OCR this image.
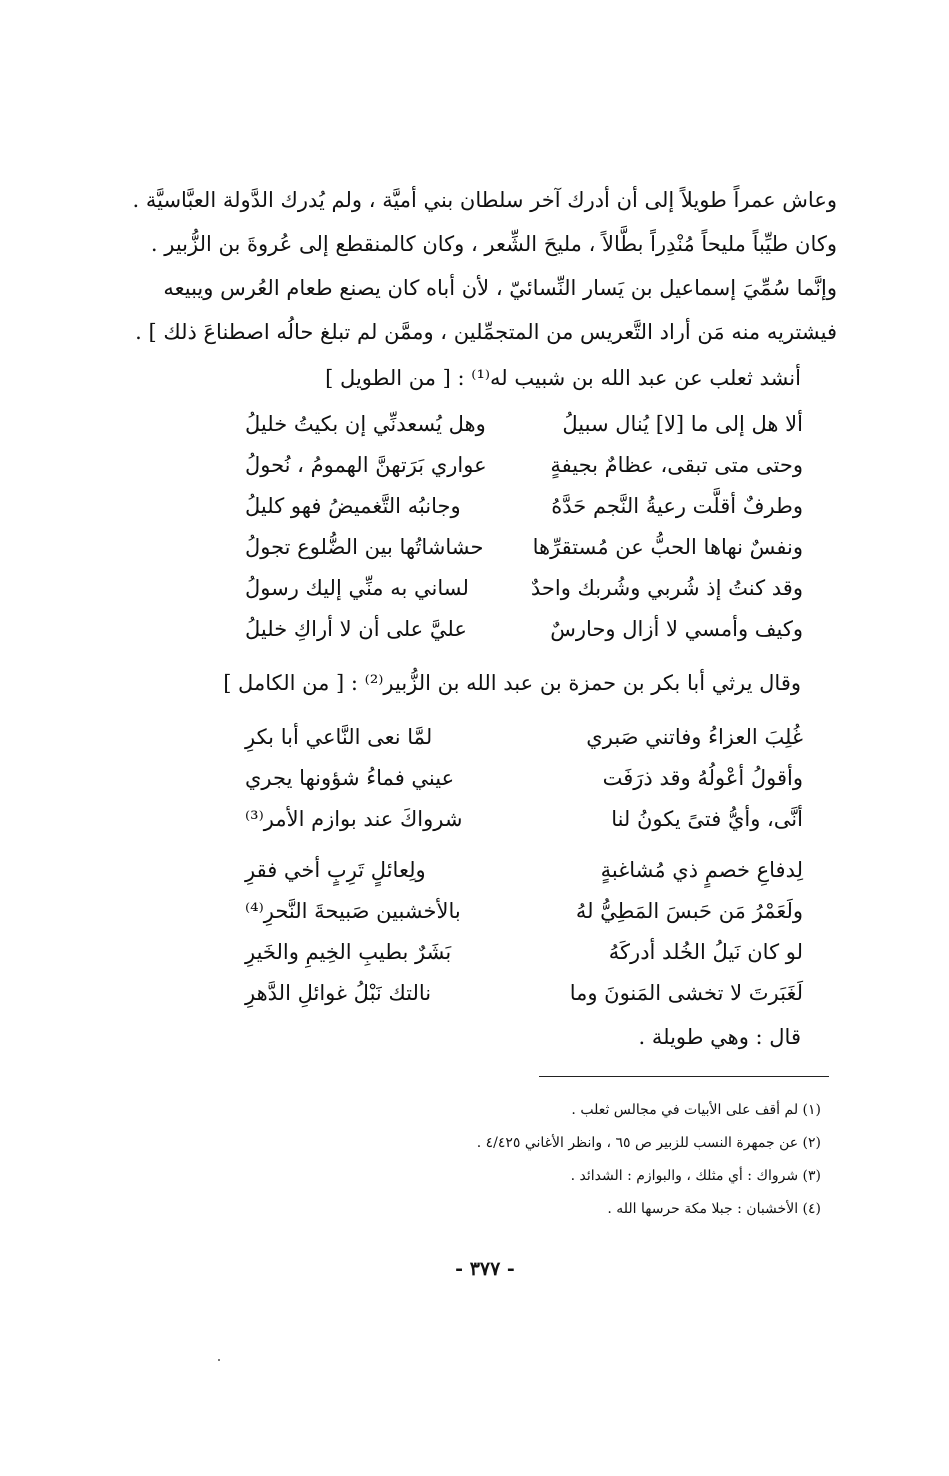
وعاش عمراً طويلاً إلى أن أدرك آخر سلطان بني أميَّة ، ولم يُدرك الدَّولة العبَّاسيَّة .
وكان طيِّباً مليحاً مُنْدِراً بطَّالاً ، مليحَ الشِّعر ، وكان كالمنقطع إلى عُروةَ بن الزُّبير .
وإنَّما سُمِّيَ إسماعيل بن يَسار النِّسائيّ ، لأن أباه كان يصنع طعام العُرس ويبيعه
فيشتريه منه مَن أراد التَّعريس من المتجمِّلين ، وممَّن لم تبلغ حالُه اصطناعَ ذلك ] .
أنشد ثعلب عن عبد الله بن شبيب له⁽¹⁾ : [ من الطويل ]
ألا هل إلى ما [لا] يُنال سبيلُ
وهل يُسعدنِّي إن بكيتُ خليلُ
وحتى متى تبقى، عظامٌ بجيفةٍ
عواري بَرَتهنَّ الهمومُ ، نُحولُ
وطرفٌ أقلَّت رعيةُ النَّجم حَدَّهُ
وجانبُه التَّغميضُ فهو كليلُ
ونفسٌ نهاها الحبُّ عن مُستقرِّها
حشاشاتُها بين الضُّلوع تجولُ
وقد كنتُ إذ شُربي وشُربك واحدٌ
لساني به منِّي إليك رسولُ
وكيف وأمسي لا أزال وحارسٌ
عليَّ على أن لا أراكِ خليلُ
وقال يرثي أبا بكر بن حمزة بن عبد الله بن الزُّبير⁽²⁾ : [ من الكامل ]
غُلِبَ العزاءُ وفاتني صَبري
لمَّا نعى النَّاعي أبا بكرِ
وأقولُ أعْولُهُ وقد ذرَفَت
عيني فماءُ شؤونها يجري
أنَّى، وأيُّ فتىً يكونُ لنا
شرواكَ عند بوازم الأمر⁽³⁾
لِدفاعِ خصمٍ ذي مُشاغبةٍ
ولِعائلٍ تَرِبٍ أخي فقرِ
ولَعَمْرُ مَن حَبسَ المَطِيُّ لهُ
بالأخشبين صَبيحةَ النَّحرِ⁽⁴⁾
لو كان نَيلُ الخُلد أدركَهُ
بَشَرٌ بطيبِ الخِيمِ والخَيرِ
لَغَبَرتَ لا تخشى المَنونَ وما
نالتك نَبْلُ غوائلِ الدَّهرِ
قال : وهي طويلة .
(١) لم أقف على الأبيات في مجالس ثعلب .
(٢) عن جمهرة النسب للزبير ص ٦٥ ، وانظر الأغاني ٤/٤٢٥ .
(٣) شرواك : أي مثلك ، والبوازم : الشدائد .
(٤) الأخشبان : جبلا مكة حرسها الله .
- ٣٧٧ -
